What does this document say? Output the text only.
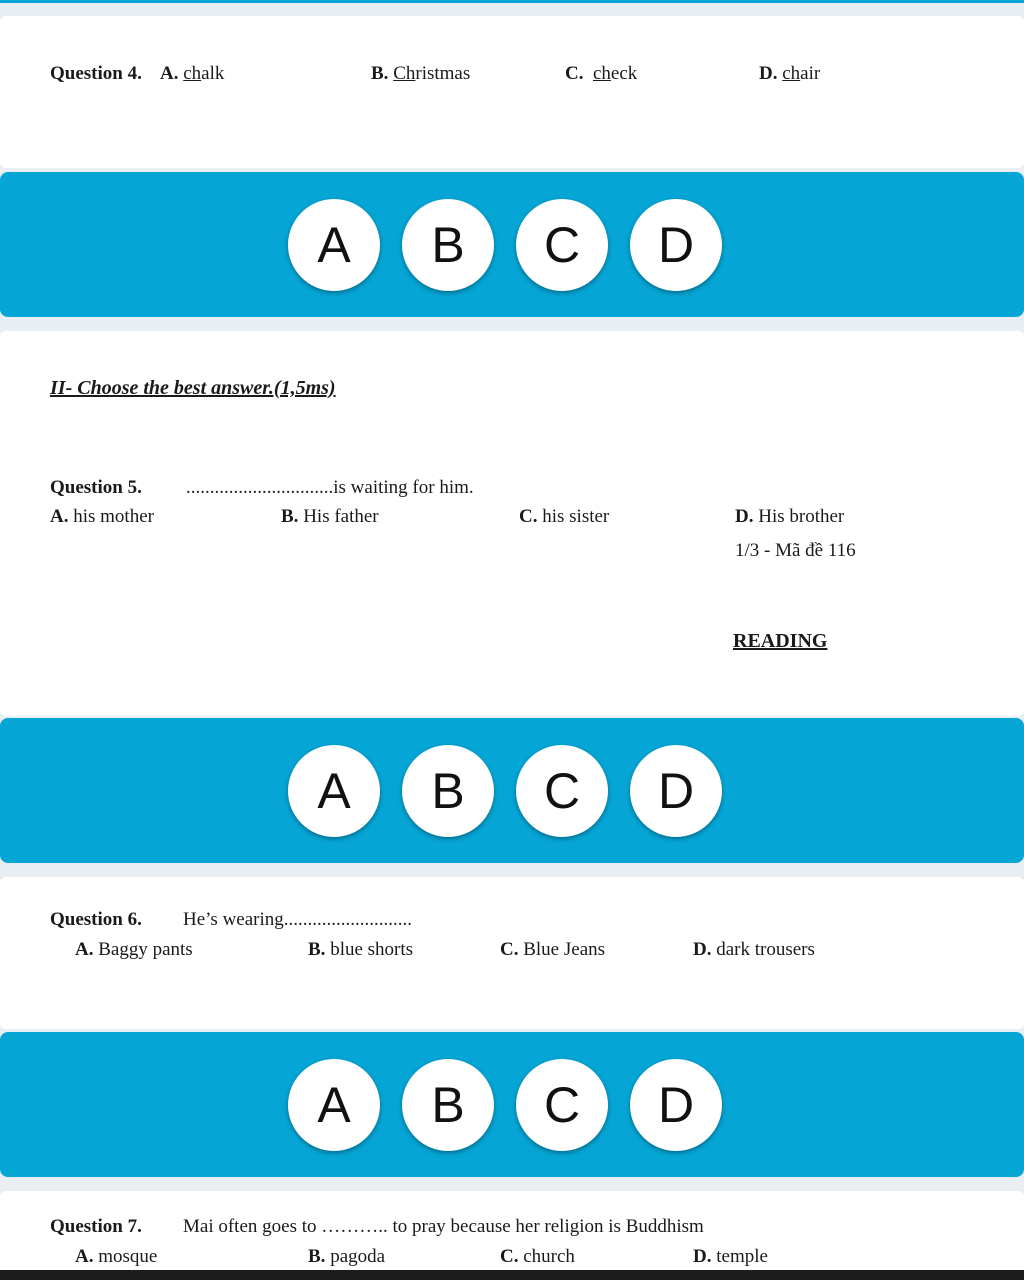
Question 4. A. chalk	B. Christmas	C. check	D. chair
A	B	C	D
II- Choose the best answer.(1,5ms)
Question 5. ...............................is waiting for him.
A. his mother	B. His father	C. his sister	D. His brother
1/3 - Mã đề 116
READING
A	B	C	D
Question 6. He’s wearing...........................
A. Baggy pants	B. blue shorts	C. Blue Jeans	D. dark trousers
A	B	C	D
Question 7. Mai often goes to ……….. to pray because her religion is Buddhism
A. mosque	B. pagoda	C. church	D. temple
